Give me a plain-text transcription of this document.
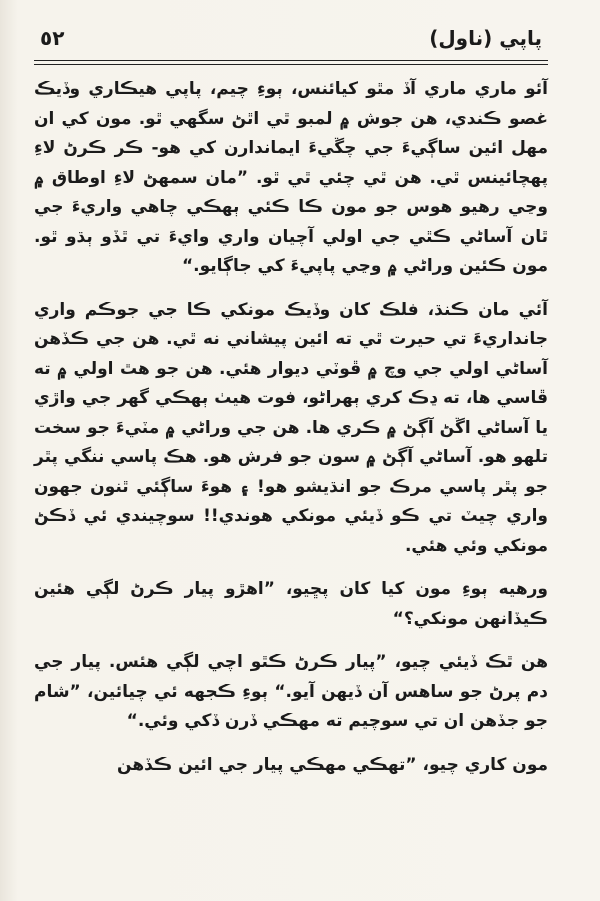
٥٢	پاپي (ناول)

آئو ماري ماري آڏ مٿو کيائنس، ٻوءِ چيم، پاپي هيڪاري وڏيڪ غصو ڪندي، هن جوش ۾ لمبو ٿي اٿڻ سگهي ٿو. مون کي ان مهل ائين ساڳيءَ جي چڱيءَ ايماندارن کي هو- ڪر ڪرڻ لاءِ پهچائينس ٿي. هن ٿي چئي ٿي ٿو. ”مان سمهڻ لاءِ اوطاق ۾ وڃي رهيو هوس جو مون ڪا ڪئي ٻهڪي چاهي واريءَ جي ٿان آساڻي ڪٿي جي اولي آچيان واري وايءَ تي ٿڏو ٻڌو ٿو. مون ڪئين وراڻي ۾ وڃي پاپيءَ کي جاڳايو.“

آئي مان ڪنڌ، فلڪ کان وڏيڪ مونکي ڪا جي جوڪم واري جانداريءَ تي حيرت ٿي ته ائين پيشاني نه ٿي. هن جي ڪڏهن آساڻي اولي جي وچ ۾ ڦوٽي ديوار هئي. هن جو هٿ اولي ۾ ته ڦاسي ها، ته ڍڪ کري ٻهراڻو، فوت هيٺ ٻهڪي گهر جي واڙي يا آساڻي اڱڻ آڳڻ ۾ ڪري ها. هن جي وراڻي ۾ مٽيءَ جو سخت تلهو هو. آساڻي آڳڻ ۾ سون جو فرش هو. هڪ پاسي ننگي پٿر جو پٿر پاسي مرڪ جو انڌيشو هو! ۽ هوءَ ساڳئي ٿنون جهون واري چيٽ تي ڪو ڏيئي مونکي هوندي!! سوچيندي ئي ڏڪڻ مونکي وئي هئي.

ورهيه ٻوءِ مون کيا کان پڇيو، ”اهڙو پيار ڪرڻ لڳي هئين ڪيڏانهن مونکي؟“

هن ٿڪ ڏيئي چيو، ”پيار ڪرڻ ڪٿو اچي لڳي هئس. پيار جي دم پرڻ جو ساهس آن ڏيهن آيو.“ ٻوءِ ڪجهه ئي چيائين، ”شام جو جڏهن ان تي سوچيم ته مهڪي ڏرن ڏکي وئي.“

مون کاري چيو، ”تهڪي مهڪي پيار جي ائين ڪڏهن
